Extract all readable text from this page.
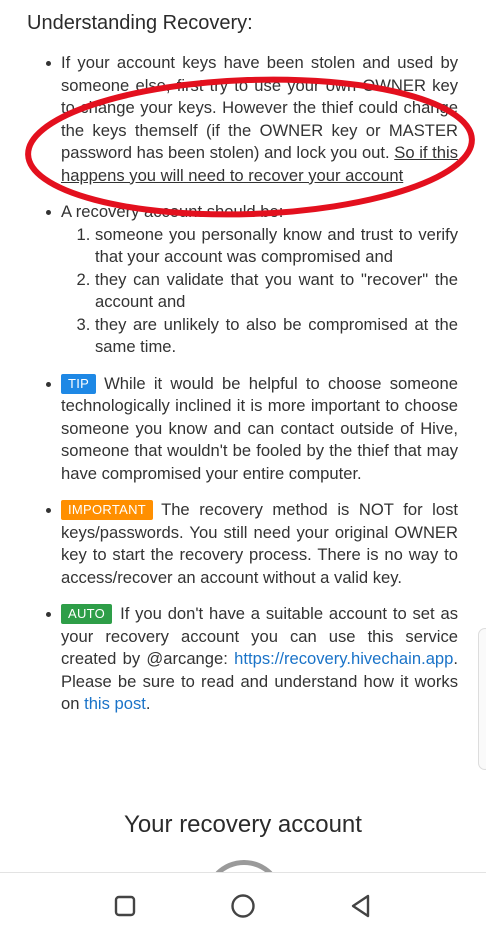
Understanding Recovery:
If your account keys have been stolen and used by someone else, first try to use your own OWNER key to change your keys. However the thief could change the keys themself (if the OWNER key or MASTER password has been stolen) and lock you out. So if this happens you will need to recover your account
A recovery account should be:
1. someone you personally know and trust to verify that your account was compromised and
2. they can validate that you want to "recover" the account and
3. they are unlikely to also be compromised at the same time.
TIP While it would be helpful to choose someone technologically inclined it is more important to choose someone you know and can contact outside of Hive, someone that wouldn't be fooled by the thief that may have compromised your entire computer.
IMPORTANT The recovery method is NOT for lost keys/passwords. You still need your original OWNER key to start the recovery process. There is no way to access/recover an account without a valid key.
AUTO If you don't have a suitable account to set as your recovery account you can use this service created by @arcange: https://recovery.hivechain.app. Please be sure to read and understand how it works on this post.
Your recovery account
